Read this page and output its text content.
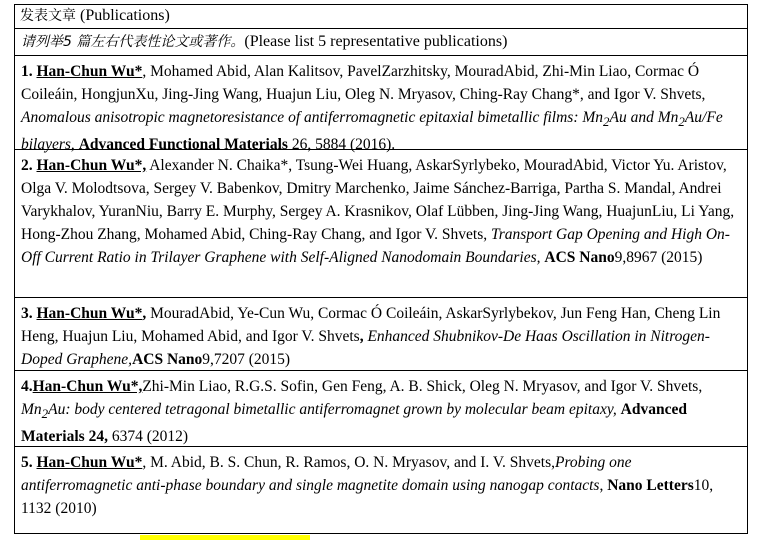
发表文章 (Publications)
请列举5 篇左右代表性论文或著作。(Please list 5 representative publications)
1. Han-Chun Wu*, Mohamed Abid, Alan Kalitsov, PavelZarzhitsky, MouradAbid, Zhi-Min Liao, Cormac Ó Coileáin, HongjunXu, Jing-Jing Wang, Huajun Liu, Oleg N. Mryasov, Ching-Ray Chang*, and Igor V. Shvets, Anomalous anisotropic magnetoresistance of antiferromagnetic epitaxial bimetallic films: $Mn_2Au$ and $Mn_2Au/Fe$ bilayers, Advanced Functional Materials 26, 5884 (2016).
2. Han-Chun Wu*, Alexander N. Chaika*, Tsung-Wei Huang, AskarSyrlybeko, MouradAbid, Victor Yu. Aristov, Olga V. Molodtsova, Sergey V. Babenkov, Dmitry Marchenko, Jaime Sánchez-Barriga, Partha S. Mandal, Andrei Varykhalov, YuranNiu, Barry E. Murphy, Sergey A. Krasnikov, Olaf Lübben, Jing-Jing Wang, HuajunLiu, Li Yang, Hong-Zhou Zhang, Mohamed Abid, Ching-Ray Chang, and Igor V. Shvets, Transport Gap Opening and High On-Off Current Ratio in Trilayer Graphene with Self-Aligned Nanodomain Boundaries, ACS Nano9,8967 (2015)
3. Han-Chun Wu*, MouradAbid, Ye-Cun Wu, Cormac Ó Coileáin, AskarSyrlybekov, Jun Feng Han, Cheng Lin Heng, Huajun Liu, Mohamed Abid, and Igor V. Shvets, Enhanced Shubnikov-De Haas Oscillation in Nitrogen-Doped Graphene,ACS Nano9,7207 (2015)
4.Han-Chun Wu*,Zhi-Min Liao, R.G.S. Sofin, Gen Feng, A. B. Shick, Oleg N. Mryasov, and Igor V. Shvets, $Mn_2Au$: body centered tetragonal bimetallic antiferromagnet grown by molecular beam epitaxy, Advanced Materials 24, 6374 (2012)
5. Han-Chun Wu*, M. Abid, B. S. Chun, R. Ramos, O. N. Mryasov, and I. V. Shvets,Probing one antiferromagnetic anti-phase boundary and single magnetite domain using nanogap contacts, Nano Letters10, 1132 (2010)
